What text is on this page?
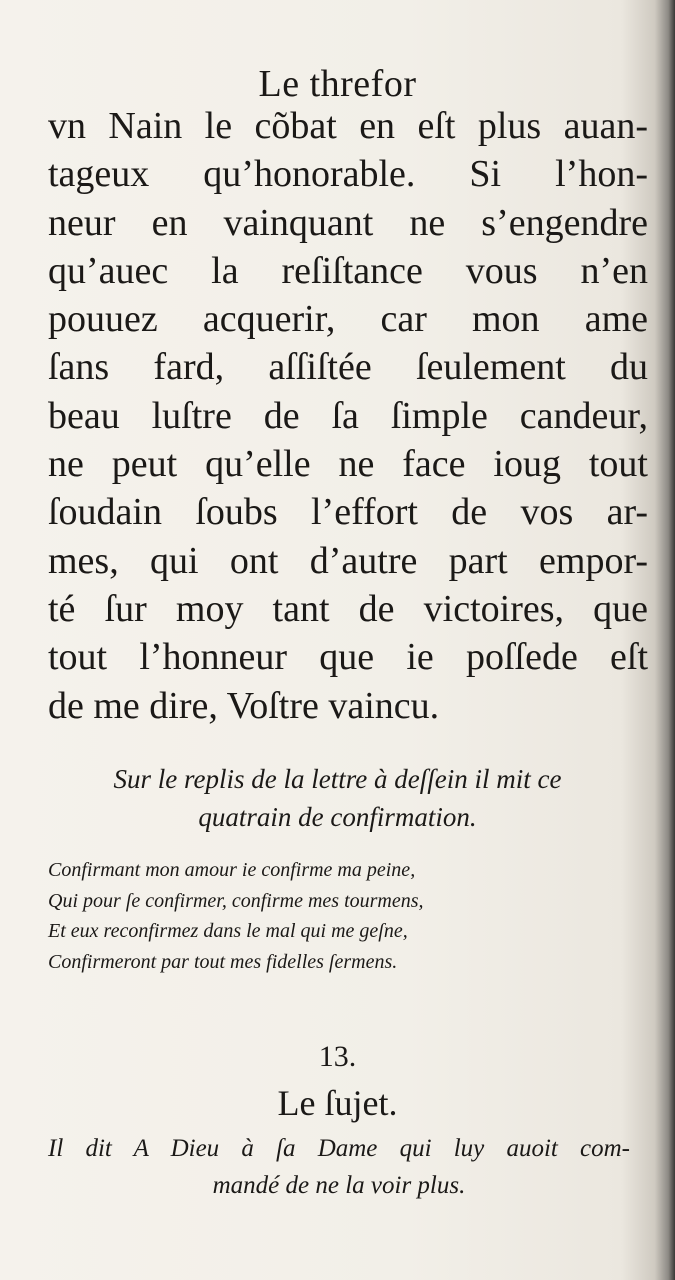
Le threfor
vn Nain le cõbat en eſt plus auan-
tageux qu’honorable. Si l’hon-
neur en vainquant ne s’engendre
qu’auec la reſiſtance vous n’en
pouuez acquerir, car mon ame
ſans fard, aſſiſtée ſeulement du
beau luſtre de ſa ſimple candeur,
ne peut qu’elle ne face ioug tout
ſoudain ſoubs l’effort de vos ar-
mes, qui ont d’autre part empor-
té ſur moy tant de victoires, que
tout l’honneur que ie poſſede eſt
de me dire, Voſtre vaincu.
Sur le replis de la lettre à deſſein il mit ce
quatrain de confirmation.
Confirmant mon amour ie confirme ma peine,
Qui pour ſe confirmer, confirme mes tourmens,
Et eux reconfirmez dans le mal qui me geſne,
Confirmeront par tout mes fidelles ſermens.
13.
Le ſujet.
Il dit A Dieu à ſa Dame qui luy auoit com-
mandé de ne la voir plus.
